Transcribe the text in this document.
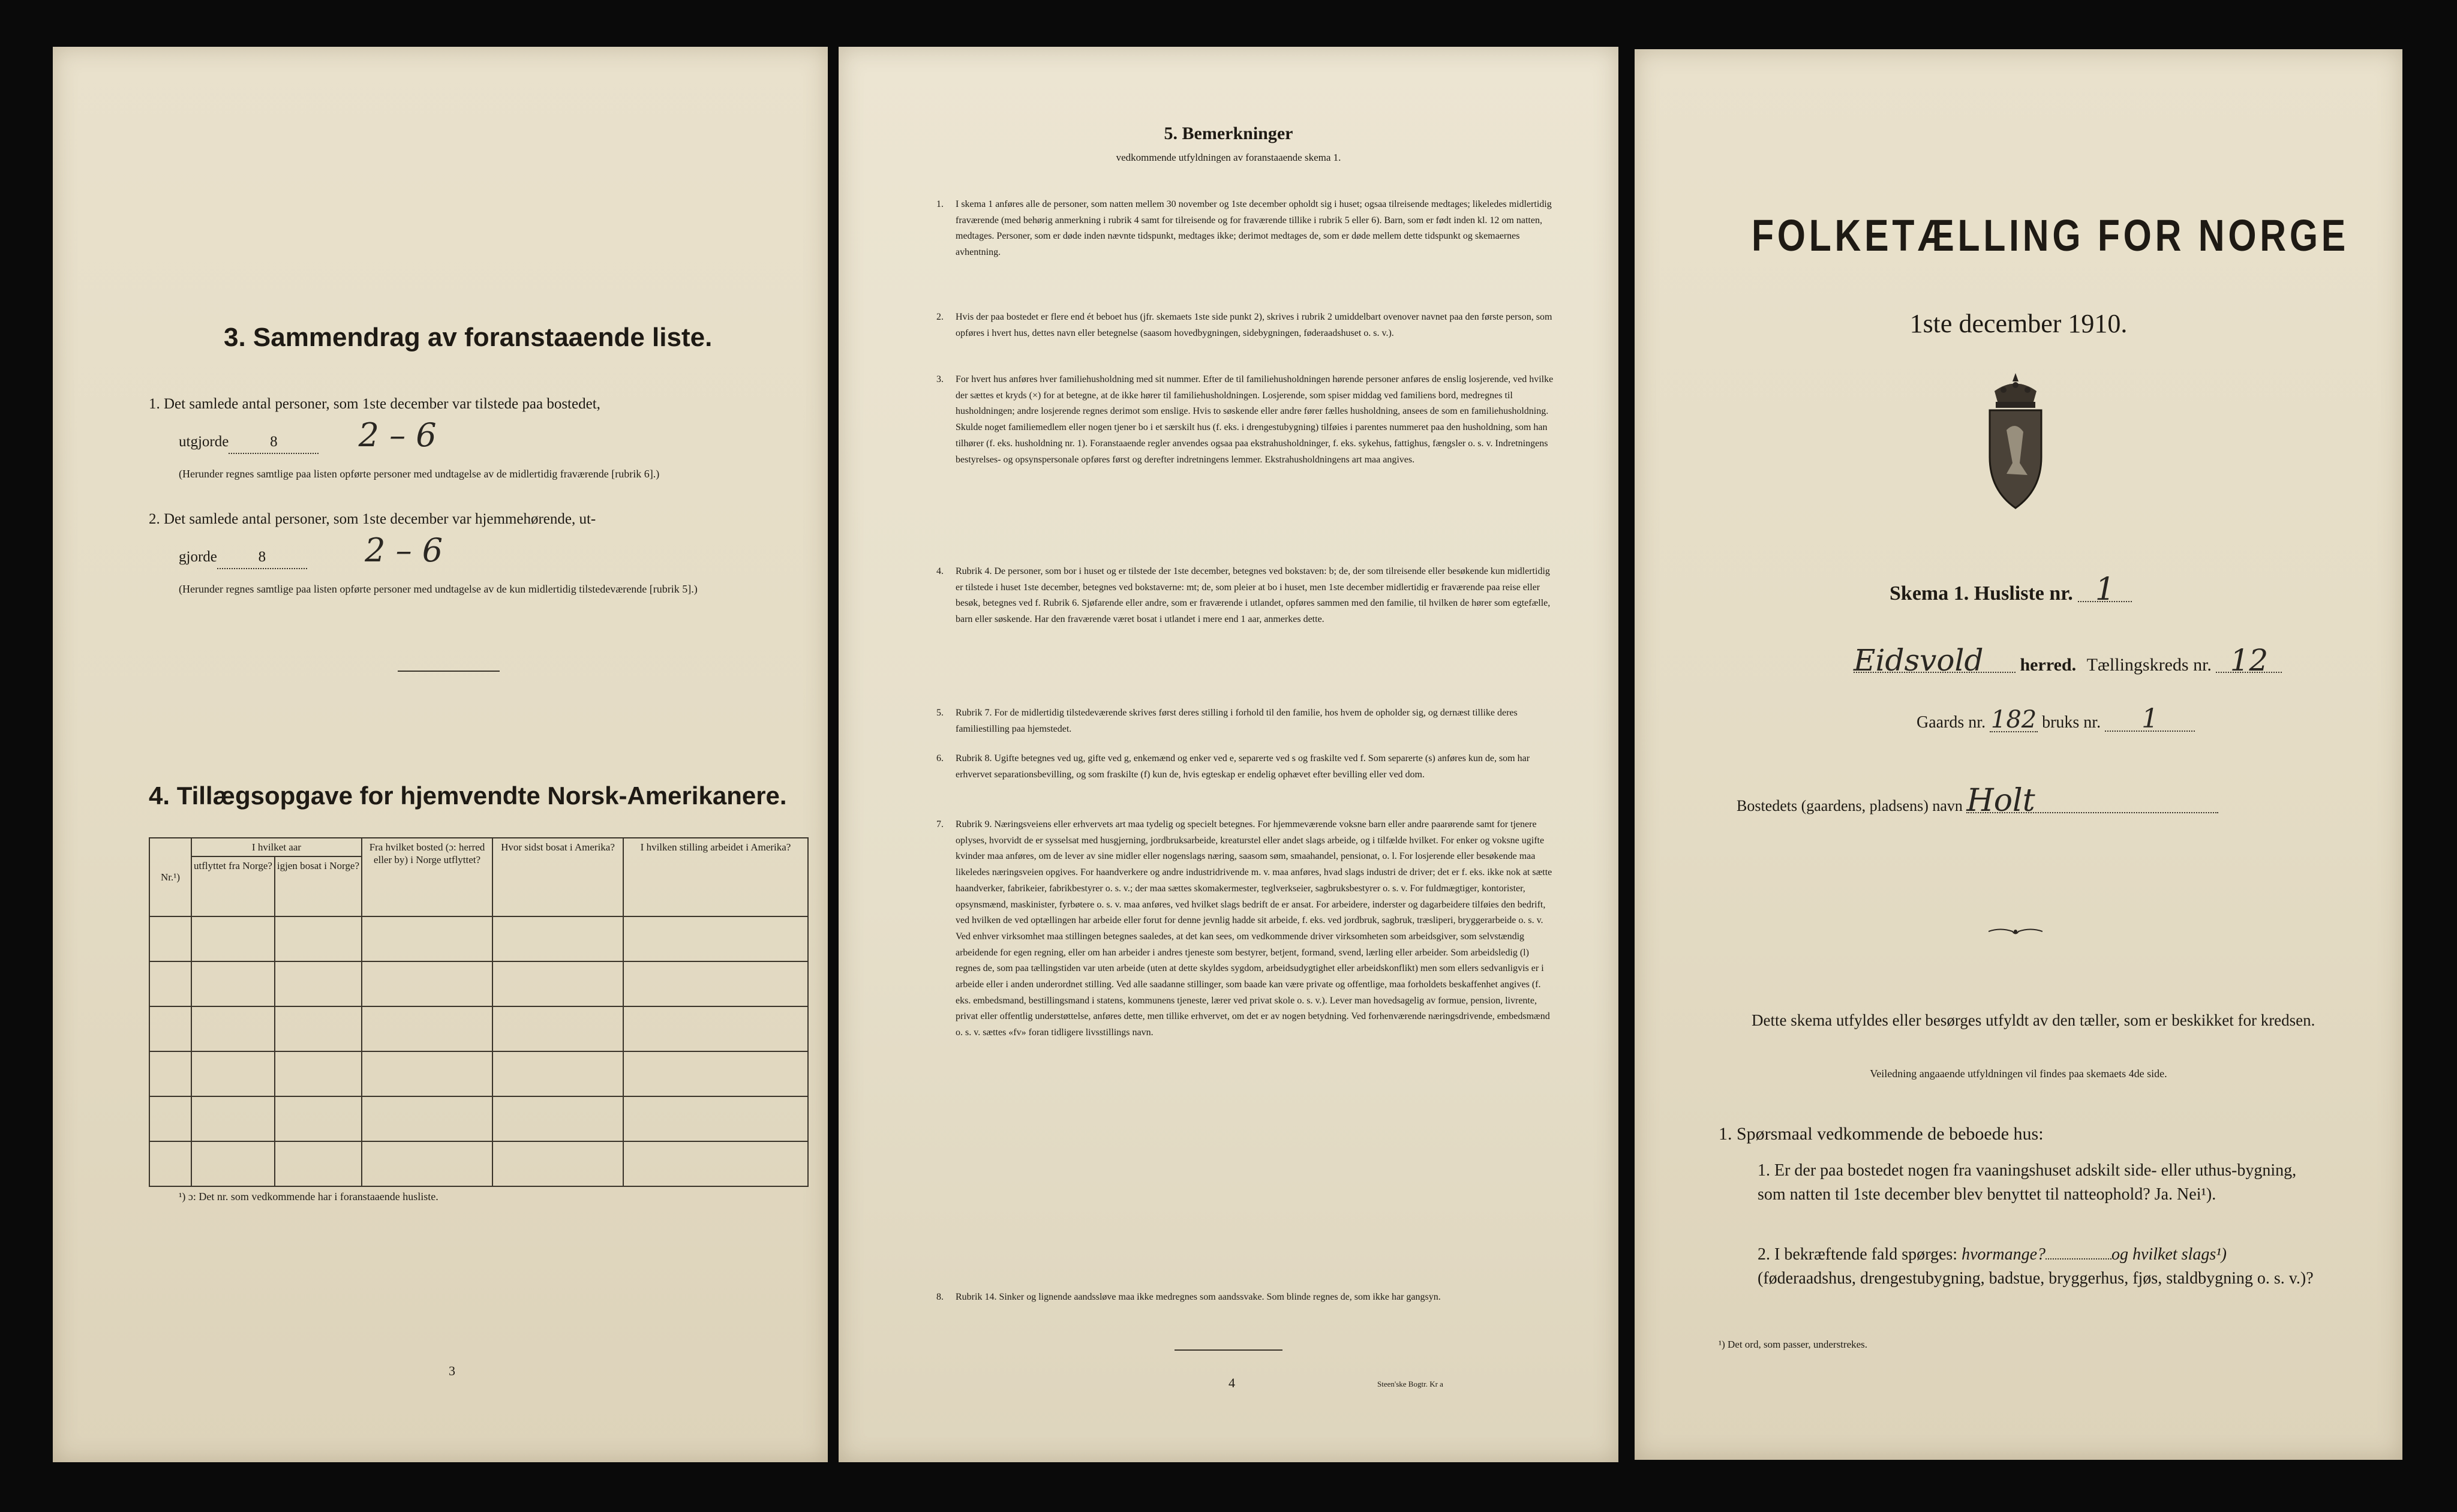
3. Sammendrag av foranstaaende liste.
1. Det samlede antal personer, som 1ste december var tilstede paa bostedet,
utgjorde	8	2 – 6
(Herunder regnes samtlige paa listen opførte personer med undtagelse av de midlertidig fraværende [rubrik 6].)
2. Det samlede antal personer, som 1ste december var hjemmehørende, ut-
gjorde	8	2 – 6
(Herunder regnes samtlige paa listen opførte personer med undtagelse av de kun midlertidig tilstedeværende [rubrik 5].)
4. Tillægsopgave for hjemvendte Norsk-Amerikanere.
Nr.¹)	I hvilket aar		Fra hvilket bosted (ɔ: herred eller by) i Norge utflyttet?	Hvor sidst bosat i Amerika?	I hvilken stilling arbeidet i Amerika?
	utflyttet fra Norge?	igjen bosat i Norge?			

¹) ɔ: Det nr. som vedkommende har i foranstaaende husliste.
3
5. Bemerkninger
vedkommende utfyldningen av foranstaaende skema 1.
1. I skema 1 anføres alle de personer, som natten mellem 30 november og 1ste december opholdt sig i huset; ogsaa tilreisende medtages; likeledes midlertidig fraværende (med behørig anmerkning i rubrik 4 samt for tilreisende og for fraværende tillike i rubrik 5 eller 6). Barn, som er født inden kl. 12 om natten, medtages. Personer, som er døde inden nævnte tidspunkt, medtages ikke; derimot medtages de, som er døde mellem dette tidspunkt og skemaernes avhentning.
2. Hvis der paa bostedet er flere end ét beboet hus (jfr. skemaets 1ste side punkt 2), skrives i rubrik 2 umiddelbart ovenover navnet paa den første person, som opføres i hvert hus, dettes navn eller betegnelse (saasom hovedbygningen, sidebygningen, føderaadshuset o. s. v.).
3. For hvert hus anføres hver familiehusholdning med sit nummer. Efter de til familiehusholdningen hørende personer anføres de enslig losjerende, ved hvilke der sættes et kryds (×) for at betegne, at de ikke hører til familiehusholdningen. Losjerende, som spiser middag ved familiens bord, medregnes til husholdningen; andre losjerende regnes derimot som enslige. Hvis to søskende eller andre fører fælles husholdning, ansees de som en familiehusholdning. Skulde noget familiemedlem eller nogen tjener bo i et særskilt hus (f. eks. i drengestubygning) tilføies i parentes nummeret paa den husholdning, som han tilhører (f. eks. husholdning nr. 1). Foranstaaende regler anvendes ogsaa paa ekstrahusholdninger, f. eks. sykehus, fattighus, fængsler o. s. v. Indretningens bestyrelses- og opsynspersonale opføres først og derefter indretningens lemmer. Ekstrahusholdningens art maa angives.
4. Rubrik 4. De personer, som bor i huset og er tilstede der 1ste december, betegnes ved bokstaven: b; de, der som tilreisende eller besøkende kun midlertidig er tilstede i huset 1ste december, betegnes ved bokstaverne: mt; de, som pleier at bo i huset, men 1ste december midlertidig er fraværende paa reise eller besøk, betegnes ved f. Rubrik 6. Sjøfarende eller andre, som er fraværende i utlandet, opføres sammen med den familie, til hvilken de hører som egtefælle, barn eller søskende. Har den fraværende været bosat i utlandet i mere end 1 aar, anmerkes dette.
5. Rubrik 7. For de midlertidig tilstedeværende skrives først deres stilling i forhold til den familie, hos hvem de opholder sig, og dernæst tillike deres familiestilling paa hjemstedet.
6. Rubrik 8. Ugifte betegnes ved ug, gifte ved g, enkemænd og enker ved e, separerte ved s og fraskilte ved f. Som separerte (s) anføres kun de, som har erhvervet separationsbevilling, og som fraskilte (f) kun de, hvis egteskap er endelig ophævet efter bevilling eller ved dom.
7. Rubrik 9. Næringsveiens eller erhvervets art maa tydelig og specielt betegnes. For hjemmeværende voksne barn eller andre paarørende samt for tjenere oplyses, hvorvidt de er sysselsat med husgjerning, jordbruksarbeide, kreaturstel eller andet slags arbeide, og i tilfælde hvilket. For enker og voksne ugifte kvinder maa anføres, om de lever av sine midler eller nogenslags næring, saasom søm, smaahandel, pensionat, o. l. For losjerende eller besøkende maa likeledes næringsveien opgives. For haandverkere og andre industridrivende m. v. maa anføres, hvad slags industri de driver; det er f. eks. ikke nok at sætte haandverker, fabrikeier, fabrikbestyrer o. s. v.; der maa sættes skomakermester, teglverkseier, sagbruksbestyrer o. s. v. For fuldmægtiger, kontorister, opsynsmænd, maskinister, fyrbøtere o. s. v. maa anføres, ved hvilket slags bedrift de er ansat. For arbeidere, inderster og dagarbeidere tilføies den bedrift, ved hvilken de ved optællingen har arbeide eller forut for denne jevnlig hadde sit arbeide, f. eks. ved jordbruk, sagbruk, træsliperi, bryggerarbeide o. s. v. Ved enhver virksomhet maa stillingen betegnes saaledes, at det kan sees, om vedkommende driver virksomheten som arbeidsgiver, som selvstændig arbeidende for egen regning, eller om han arbeider i andres tjeneste som bestyrer, betjent, formand, svend, lærling eller arbeider. Som arbeidsledig (l) regnes de, som paa tællingstiden var uten arbeide (uten at dette skyldes sygdom, arbeidsudygtighet eller arbeidskonflikt) men som ellers sedvanligvis er i arbeide eller i anden underordnet stilling. Ved alle saadanne stillinger, som baade kan være private og offentlige, maa forholdets beskaffenhet angives (f. eks. embedsmand, bestillingsmand i statens, kommunens tjeneste, lærer ved privat skole o. s. v.). Lever man hovedsagelig av formue, pension, livrente, privat eller offentlig understøttelse, anføres dette, men tillike erhvervet, om det er av nogen betydning. Ved forhenværende næringsdrivende, embedsmænd o. s. v. sættes «fv» foran tidligere livsstillings navn.
8. Rubrik 14. Sinker og lignende aandssløve maa ikke medregnes som aandssvake. Som blinde regnes de, som ikke har gangsyn.
4	Steen'ske Bogtr. Kr a
FOLKETÆLLING FOR NORGE
1ste december 1910.
Skema 1. Husliste nr. 1
Eidsvold herred. Tællingskreds nr. 12
Gaards nr. 182 bruks nr. 1
Bostedets (gaardens, pladsens) navn Holt
Dette skema utfyldes eller besørges utfyldt av den tæller, som er beskikket for kredsen.
Veiledning angaaende utfyldningen vil findes paa skemaets 4de side.
1. Spørsmaal vedkommende de beboede hus:
1. Er der paa bostedet nogen fra vaaningshuset adskilt side- eller uthus-bygning, som natten til 1ste december blev benyttet til natteophold? Ja. Nei¹).
2. I bekræftende fald spørges: hvormange?	og hvilket slags¹) (føderaadshus, drengestubygning, badstue, bryggerhus, fjøs, staldbygning o. s. v.)?
¹) Det ord, som passer, understrekes.
